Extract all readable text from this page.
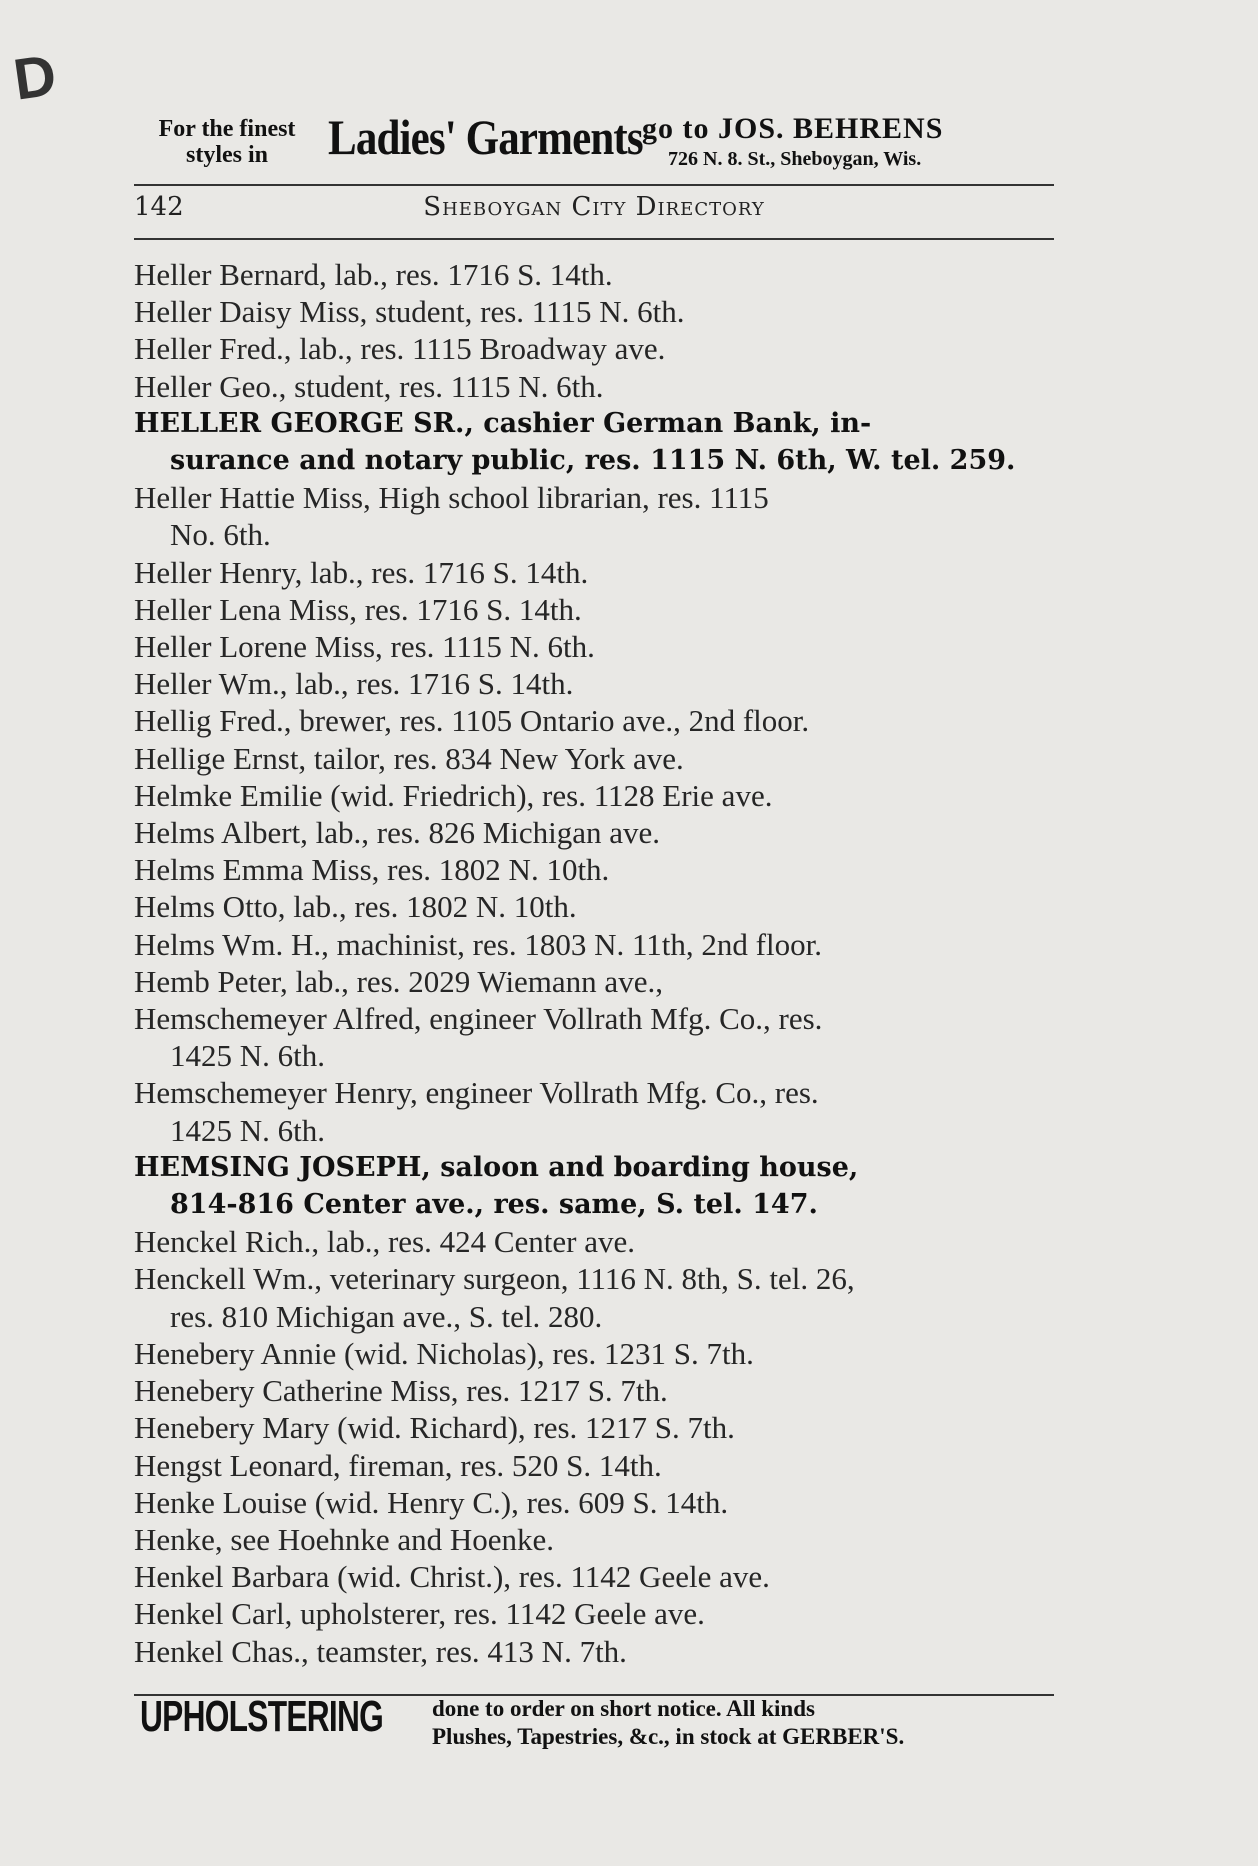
D
For the finest
styles in	Ladies' Garments go to JOS. BEHRENS
726 N. 8. St., Sheboygan, Wis.
142	Sheboygan City Directory
Heller Bernard, lab., res. 1716 S. 14th.
Heller Daisy Miss, student, res. 1115 N. 6th.
Heller Fred., lab., res. 1115 Broadway ave.
Heller Geo., student, res. 1115 N. 6th.
HELLER GEORGE SR., cashier German Bank, in-
surance and notary public, res. 1115 N. 6th, W. tel. 259.
Heller Hattie Miss, High school librarian, res. 1115
No. 6th.
Heller Henry, lab., res. 1716 S. 14th.
Heller Lena Miss, res. 1716 S. 14th.
Heller Lorene Miss, res. 1115 N. 6th.
Heller Wm., lab., res. 1716 S. 14th.
Hellig Fred., brewer, res. 1105 Ontario ave., 2nd floor.
Hellige Ernst, tailor, res. 834 New York ave.
Helmke Emilie (wid. Friedrich), res. 1128 Erie ave.
Helms Albert, lab., res. 826 Michigan ave.
Helms Emma Miss, res. 1802 N. 10th.
Helms Otto, lab., res. 1802 N. 10th.
Helms Wm. H., machinist, res. 1803 N. 11th, 2nd floor.
Hemb Peter, lab., res. 2029 Wiemann ave.,
Hemschemeyer Alfred, engineer Vollrath Mfg. Co., res.
1425 N. 6th.
Hemschemeyer Henry, engineer Vollrath Mfg. Co., res.
1425 N. 6th.
HEMSING JOSEPH, saloon and boarding house,
814-816 Center ave., res. same, S. tel. 147.
Henckel Rich., lab., res. 424 Center ave.
Henckell Wm., veterinary surgeon, 1116 N. 8th, S. tel. 26,
res. 810 Michigan ave., S. tel. 280.
Henebery Annie (wid. Nicholas), res. 1231 S. 7th.
Henebery Catherine Miss, res. 1217 S. 7th.
Henebery Mary (wid. Richard), res. 1217 S. 7th.
Hengst Leonard, fireman, res. 520 S. 14th.
Henke Louise (wid. Henry C.), res. 609 S. 14th.
Henke, see Hoehnke and Hoenke.
Henkel Barbara (wid. Christ.), res. 1142 Geele ave.
Henkel Carl, upholsterer, res. 1142 Geele ave.
Henkel Chas., teamster, res. 413 N. 7th.
UPHOLSTERING done to order on short notice. All kinds
Plushes, Tapestries, &c., in stock at GERBER'S.
